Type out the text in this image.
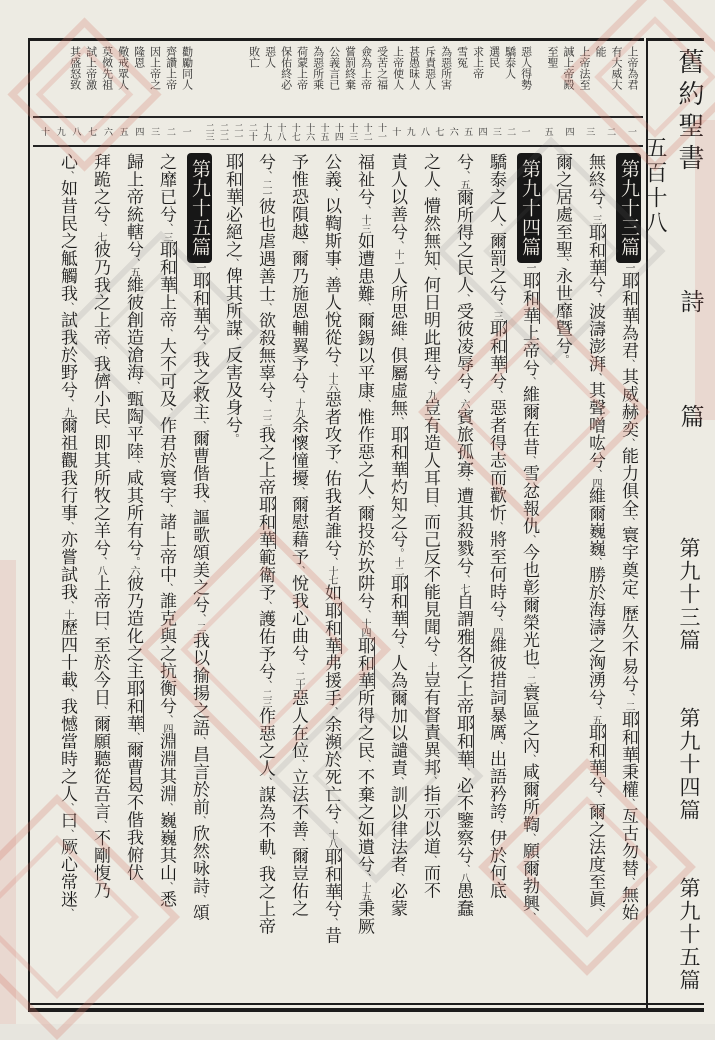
上帝為君
有大威大
能
上帝法至
誠上帝殿
至聖
一
二
三
四
五
惡人得勢
驕泰人
選民
求上帝
雪冤
為惡所害
斥責惡人
甚愚昧人
上帝使人
受苦之福
僉為上帝
嘗罰終棄
公義言已
為惡所乘
荷蒙上帝
保佑終必
惡人
敗亡
一
二
三
四
五
六
七
八
九
十
十一
十二
十三
十四
十五
十六
十七
十八
十九
二十
二一
二二
二三
勸勵同人
齊讚上帝
因上帝之
隆恩
儆戒眾人
莫傚先祖
試上帝激
其盛怒致
一
二
三
四
五
六
七
八
九
十
第九十三篇一耶和華為君、其威赫奕、能力俱全、寰宇奠定、歷久不易兮、二耶和華秉權、亙古勿替、無始
無終兮、三耶和華兮、波濤澎湃、其聲噌吰兮、四維爾巍巍、勝於海濤之洶湧兮、五耶和華兮、爾之法度至眞、
爾之居處至聖、永世靡曁兮。
第九十四篇一耶和華上帝兮、維爾在昔、雪忿報仇、今也彰爾榮光也、二寰區之內、咸爾所鞫、願爾勃興、
驕泰之人、爾罰之兮、三耶和華兮、惡者得志而歡忻、將至何時兮、四維彼措詞暴厲、出語矜誇、伊於何底
兮、五爾所得之民人、受彼凌辱兮、六賓旅孤寡、遭其殺戮兮、七自謂雅各之上帝耶和華、必不鑒察兮、八愚蠢
之人、懵然無知、何日明此理兮、九豈有造人耳目、而己反不能見聞兮、十豈有督責異邦、指示以道、而不
責人以善兮、十一人所思維、俱屬虛無、耶和華灼知之兮。十二耶和華兮、人為爾加以譴責、訓以律法者、必蒙
福祉兮、十三如遭患難、爾錫以平康、惟作惡之人、爾投於坎阱兮、十四耶和華所得之民、不棄之如遺兮、十五秉厥
公義、以鞫斯事、善人悅從兮、十六惡者攻予、佑我者誰兮、十七如耶和華弗援手、余瀕於死亡兮、十八耶和華兮、昔
予惟恐隕越、爾乃施恩輔翼予兮、十九余懷憧擾、爾慰藉予、悅我心曲兮、二十惡人在位、立法不善、爾豈佑之
兮、二一彼也虐遇善士、欲殺無辜兮、二二我之上帝耶和華範衛予、護佑予兮、二三作惡之人、謀為不軌、我之上帝
耶和華必絕之、俾其所謀、反害及身兮。
第九十五篇一耶和華兮、我之救主、爾曹偕我、謳歌頌美之兮、二我以揄揚之語、昌言於前、欣然咏詩、頌
之靡已兮、三耶和華上帝、大不可及、作君於寰宇、諸上帝中、誰克與之抗衡兮、四淵淵其淵、巍巍其山、悉
歸上帝統轄兮、五維彼創造滄海、甄陶平陸、咸其所有兮。六彼乃造化之主耶和華、爾曹曷不偕我俯伏
拜跪之兮、七彼乃我之上帝、我儕小民、即其所牧之羊兮、八上帝曰、至於今日、爾願聽從吾言、不剛愎乃
心、如昔民之觝觸我、試我於野兮、九爾祖觀我行事、亦嘗試我、十歷四十載、我憾當時之人、曰、厥心常迷、
舊約聖書 詩 篇 第九十三篇 第九十四篇 第九十五篇 五百十八
